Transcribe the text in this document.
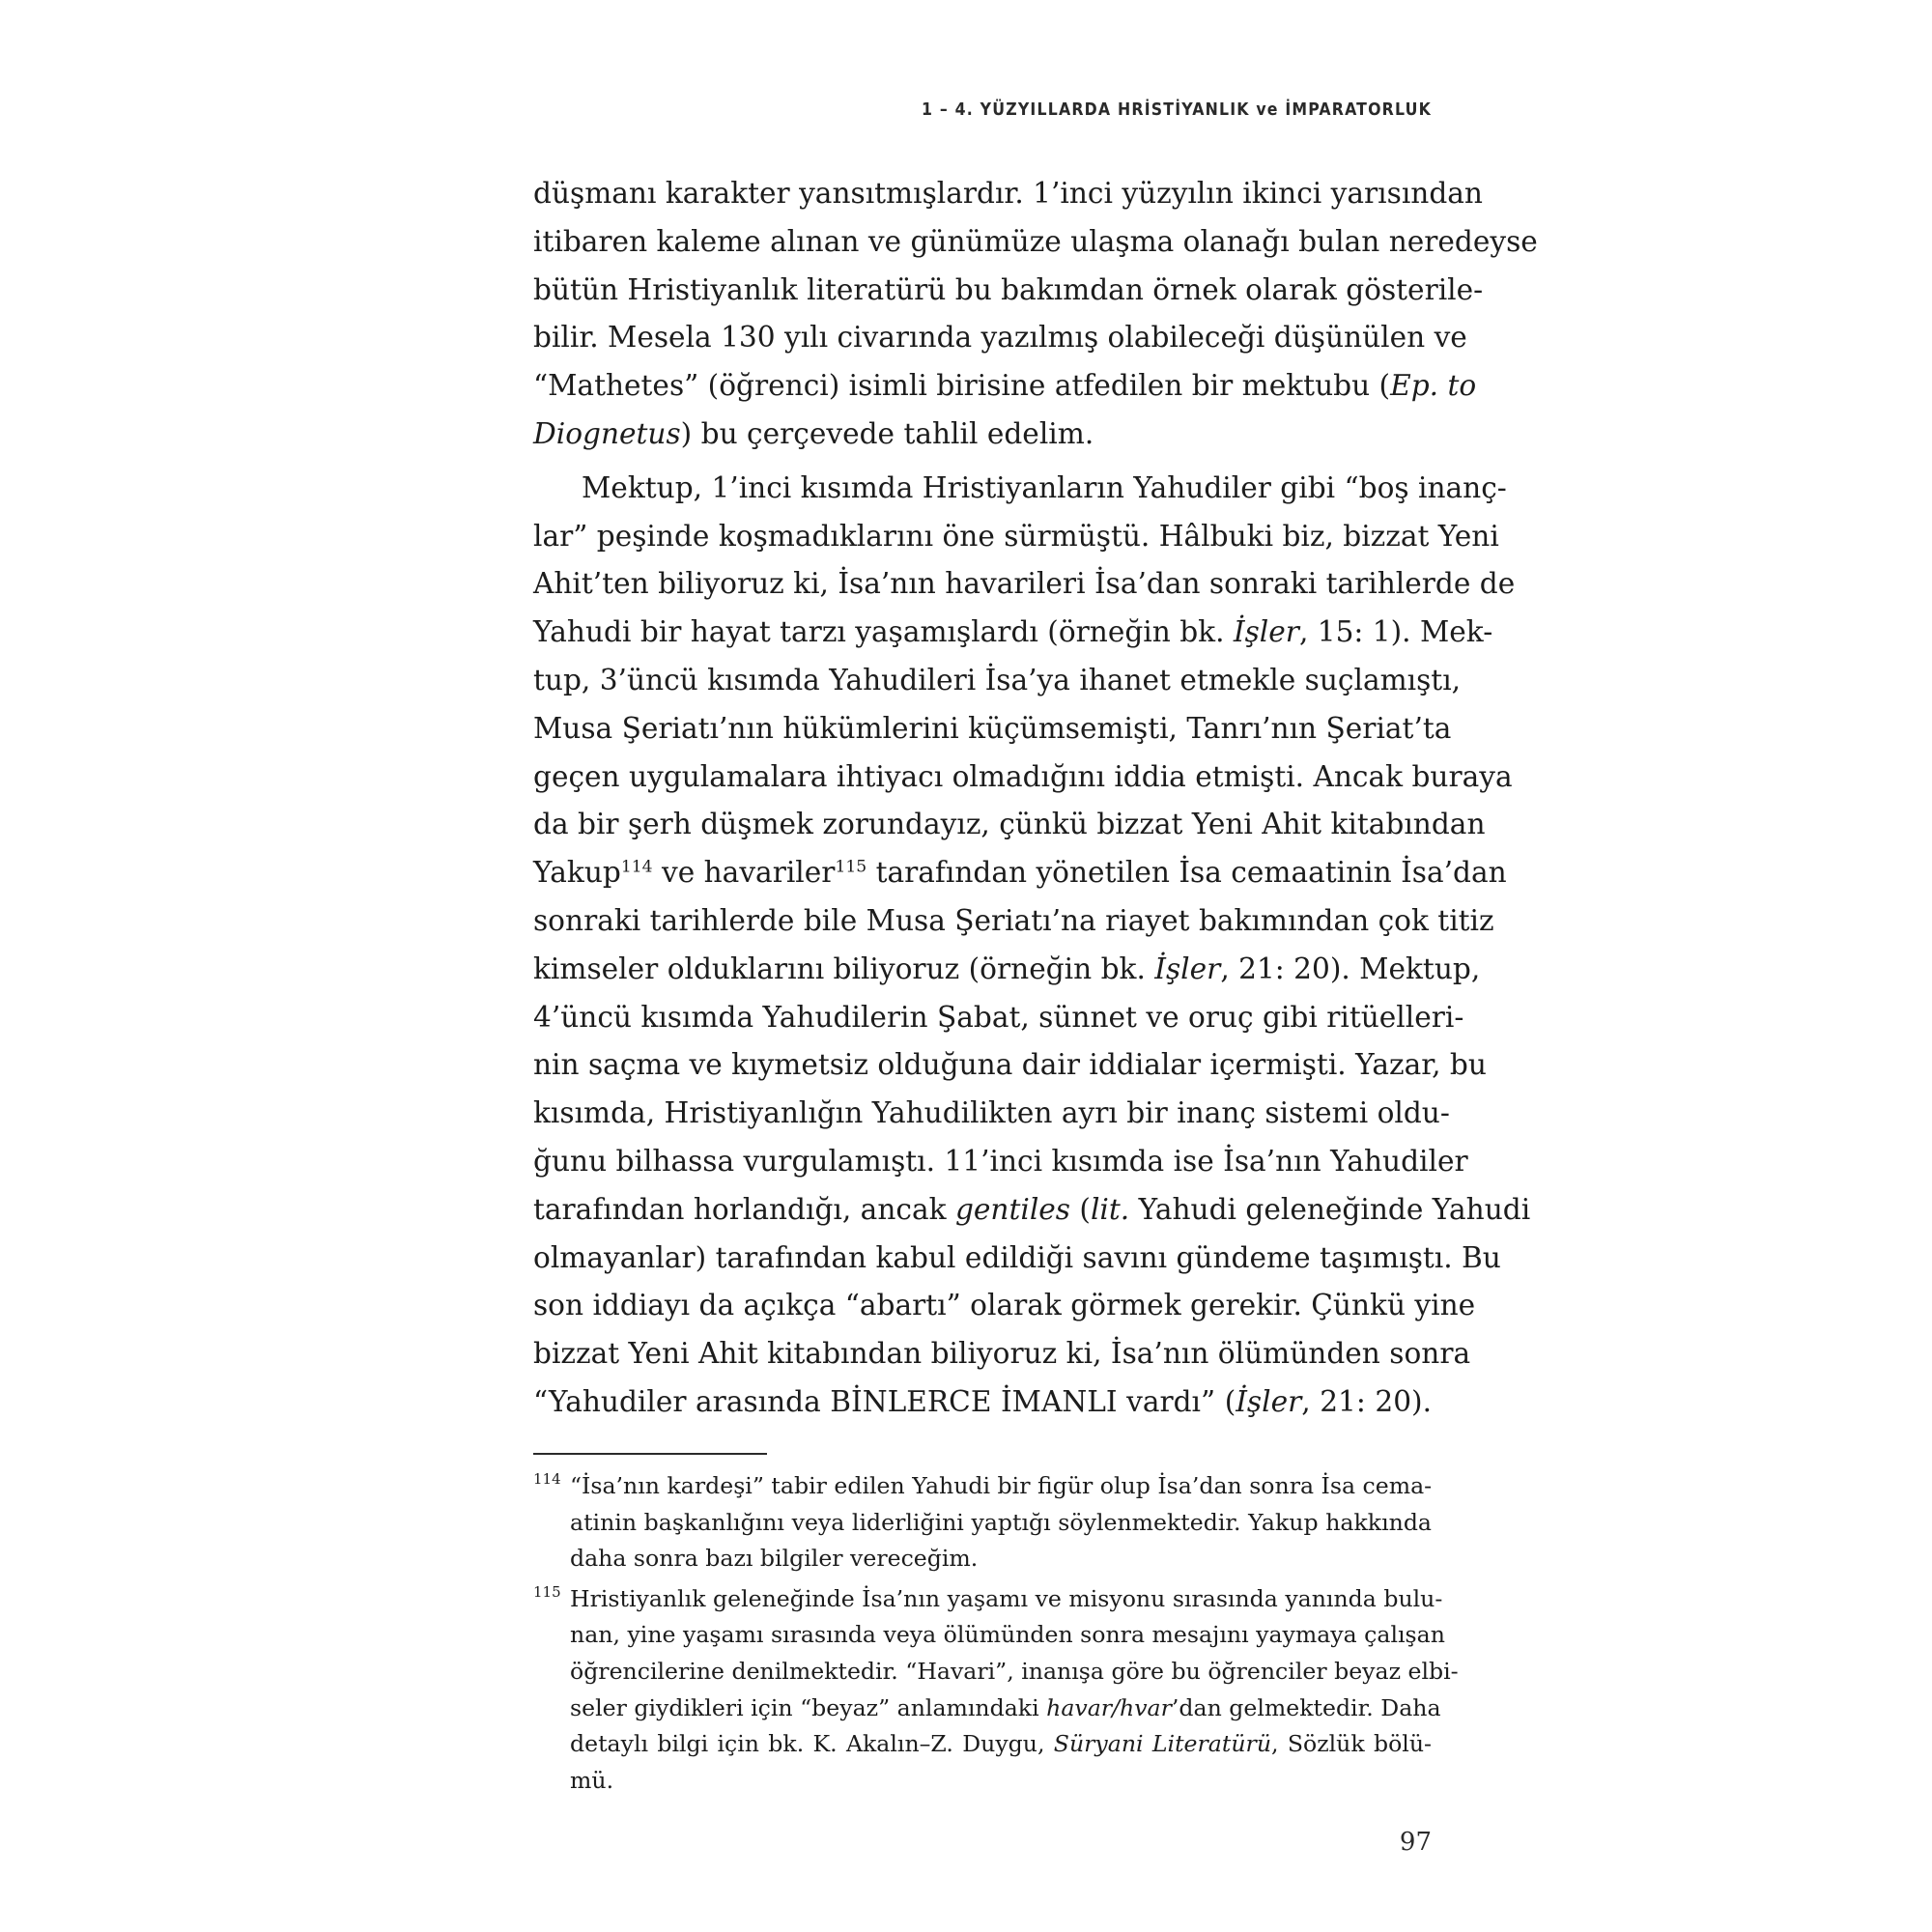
1 – 4. YÜZYILLARDA HRİSTİYANLIK ve İMPARATORLUK
düşmanı karakter yansıtmışlardır. 1’inci yüzyılın ikinci yarısından
itibaren kaleme alınan ve günümüze ulaşma olanağı bulan neredeyse
bütün Hristiyanlık literatürü bu bakımdan örnek olarak gösterile-
bilir. Mesela 130 yılı civarında yazılmış olabileceği düşünülen ve
“Mathetes” (öğrenci) isimli birisine atfedilen bir mektubu (Ep. to
Diognetus) bu çerçevede tahlil edelim.
Mektup, 1’inci kısımda Hristiyanların Yahudiler gibi “boş inanç-
lar” peşinde koşmadıklarını öne sürmüştü. Hâlbuki biz, bizzat Yeni
Ahit’ten biliyoruz ki, İsa’nın havarileri İsa’dan sonraki tarihlerde de
Yahudi bir hayat tarzı yaşamışlardı (örneğin bk. İşler, 15: 1). Mek-
tup, 3’üncü kısımda Yahudileri İsa’ya ihanet etmekle suçlamıştı,
Musa Şeriatı’nın hükümlerini küçümsemişti, Tanrı’nın Şeriat’ta
geçen uygulamalara ihtiyacı olmadığını iddia etmişti. Ancak buraya
da bir şerh düşmek zorundayız, çünkü bizzat Yeni Ahit kitabından
Yakup$^{114}$ ve havariler$^{115}$ tarafından yönetilen İsa cemaatinin İsa’dan
sonraki tarihlerde bile Musa Şeriatı’na riayet bakımından çok titiz
kimseler olduklarını biliyoruz (örneğin bk. İşler, 21: 20). Mektup,
4’üncü kısımda Yahudilerin Şabat, sünnet ve oruç gibi ritüelleri-
nin saçma ve kıymetsiz olduğuna dair iddialar içermişti. Yazar, bu
kısımda, Hristiyanlığın Yahudilikten ayrı bir inanç sistemi oldu-
ğunu bilhassa vurgulamıştı. 11’inci kısımda ise İsa’nın Yahudiler
tarafından horlandığı, ancak gentiles (lit. Yahudi geleneğinde Yahudi
olmayanlar) tarafından kabul edildiği savını gündeme taşımıştı. Bu
son iddiayı da açıkça “abartı” olarak görmek gerekir. Çünkü yine
bizzat Yeni Ahit kitabından biliyoruz ki, İsa’nın ölümünden sonra
“Yahudiler arasında BİNLERCE İMANLI vardı” (İşler, 21: 20).
114 “İsa’nın kardeşi” tabir edilen Yahudi bir figür olup İsa’dan sonra İsa cema-
atinin başkanlığını veya liderliğini yaptığı söylenmektedir. Yakup hakkında
daha sonra bazı bilgiler vereceğim.
115 Hristiyanlık geleneğinde İsa’nın yaşamı ve misyonu sırasında yanında bulu-
nan, yine yaşamı sırasında veya ölümünden sonra mesajını yaymaya çalışan
öğrencilerine denilmektedir. “Havari”, inanışa göre bu öğrenciler beyaz elbi-
seler giydikleri için “beyaz” anlamındaki havar/hvar’dan gelmektedir. Daha
detaylı bilgi için bk. K. Akalın–Z. Duygu, Süryani Literatürü, Sözlük bölü-
mü.
97
